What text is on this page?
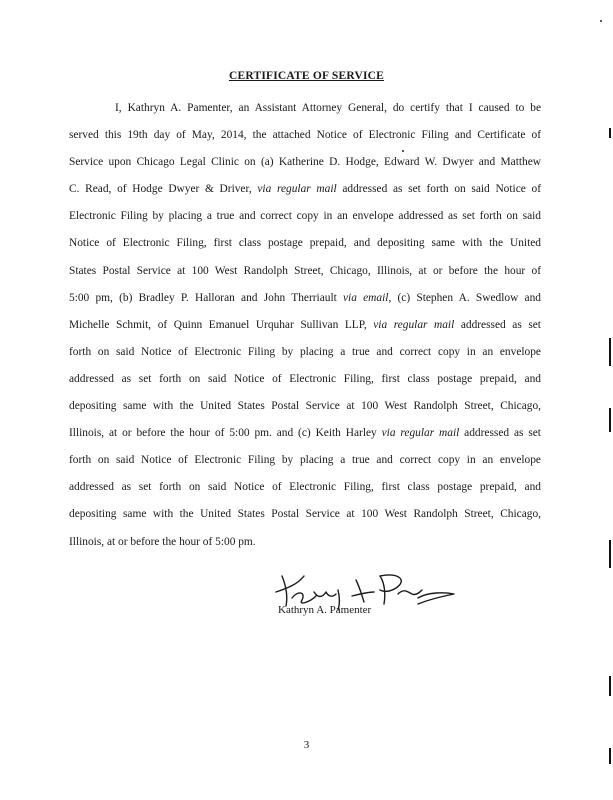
CERTIFICATE OF SERVICE
I, Kathryn A. Pamenter, an Assistant Attorney General, do certify that I caused to be
served this 19th day of May, 2014, the attached Notice of Electronic Filing and Certificate of
Service upon Chicago Legal Clinic on (a) Katherine D. Hodge, Edward W. Dwyer and Matthew
C. Read, of Hodge Dwyer & Driver, via regular mail addressed as set forth on said Notice of
Electronic Filing by placing a true and correct copy in an envelope addressed as set forth on said
Notice of Electronic Filing, first class postage prepaid, and depositing same with the United
States Postal Service at 100 West Randolph Street, Chicago, Illinois, at or before the hour of
5:00 pm, (b) Bradley P. Halloran and John Therriault via email, (c) Stephen A. Swedlow and
Michelle Schmit, of Quinn Emanuel Urquhar Sullivan LLP, via regular mail addressed as set
forth on said Notice of Electronic Filing by placing a true and correct copy in an envelope
addressed as set forth on said Notice of Electronic Filing, first class postage prepaid, and
depositing same with the United States Postal Service at 100 West Randolph Street, Chicago,
Illinois, at or before the hour of 5:00 pm. and (c) Keith Harley via regular mail addressed as set
forth on said Notice of Electronic Filing by placing a true and correct copy in an envelope
addressed as set forth on said Notice of Electronic Filing, first class postage prepaid, and
depositing same with the United States Postal Service at 100 West Randolph Street, Chicago,
Illinois, at or before the hour of 5:00 pm.
Kathryn A. Pamenter
3
